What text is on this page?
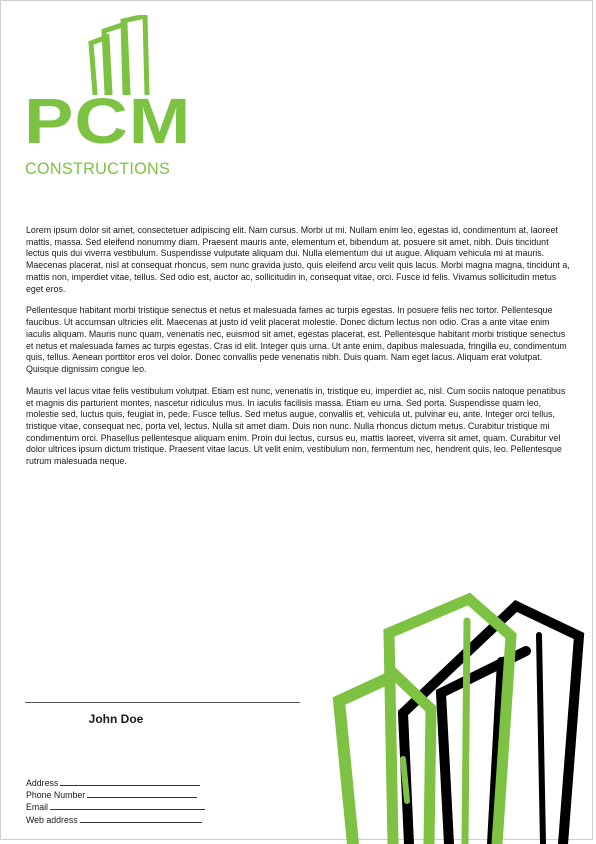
PCM
CONSTRUCTIONS

Lorem ipsum dolor sit amet, consectetuer adipiscing elit. Nam cursus. Morbi ut mi. Nullam enim leo, egestas id, condimentum at, laoreet mattis, massa. Sed eleifend nonummy diam. Praesent mauris ante, elementum et, bibendum at, posuere sit amet, nibh. Duis tincidunt lectus quis dui viverra vestibulum. Suspendisse vulputate aliquam dui. Nulla elementum dui ut augue. Aliquam vehicula mi at mauris. Maecenas placerat, nisl at consequat rhoncus, sem nunc gravida justo, quis eleifend arcu velit quis lacus. Morbi magna magna, tincidunt a, mattis non, imperdiet vitae, tellus. Sed odio est, auctor ac, sollicitudin in, consequat vitae, orci. Fusce id felis. Vivamus sollicitudin metus eget eros.

Pellentesque habitant morbi tristique senectus et netus et malesuada fames ac turpis egestas. In posuere felis nec tortor. Pellentesque faucibus. Ut accumsan ultricies elit. Maecenas at justo id velit placerat molestie. Donec dictum lectus non odio. Cras a ante vitae enim iaculis aliquam. Mauris nunc quam, venenatis nec, euismod sit amet, egestas placerat, est. Pellentesque habitant morbi tristique senectus et netus et malesuada fames ac turpis egestas. Cras id elit. Integer quis urna. Ut ante enim, dapibus malesuada, fringilla eu, condimentum quis, tellus. Aenean porttitor eros vel dolor. Donec convallis pede venenatis nibh. Duis quam. Nam eget lacus. Aliquam erat volutpat. Quisque dignissim congue leo.

Mauris vel lacus vitae felis vestibulum volutpat. Etiam est nunc, venenatis in, tristique eu, imperdiet ac, nisl. Cum sociis natoque penatibus et magnis dis parturient montes, nascetur ridiculus mus. In iaculis facilisis massa. Etiam eu urna. Sed porta. Suspendisse quam leo, molestie sed, luctus quis, feugiat in, pede. Fusce tellus. Sed metus augue, convallis et, vehicula ut, pulvinar eu, ante. Integer orci tellus, tristique vitae, consequat nec, porta vel, lectus. Nulla sit amet diam. Duis non nunc. Nulla rhoncus dictum metus. Curabitur tristique mi condimentum orci. Phasellus pellentesque aliquam enim. Proin dui lectus, cursus eu, mattis laoreet, viverra sit amet, quam. Curabitur vel dolor ultrices ipsum dictum tristique. Praesent vitae lacus. Ut velit enim, vestibulum non, fermentum nec, hendrerit quis, leo. Pellentesque rutrum malesuada neque.

John Doe
Address
Phone Number
Email
Web address
